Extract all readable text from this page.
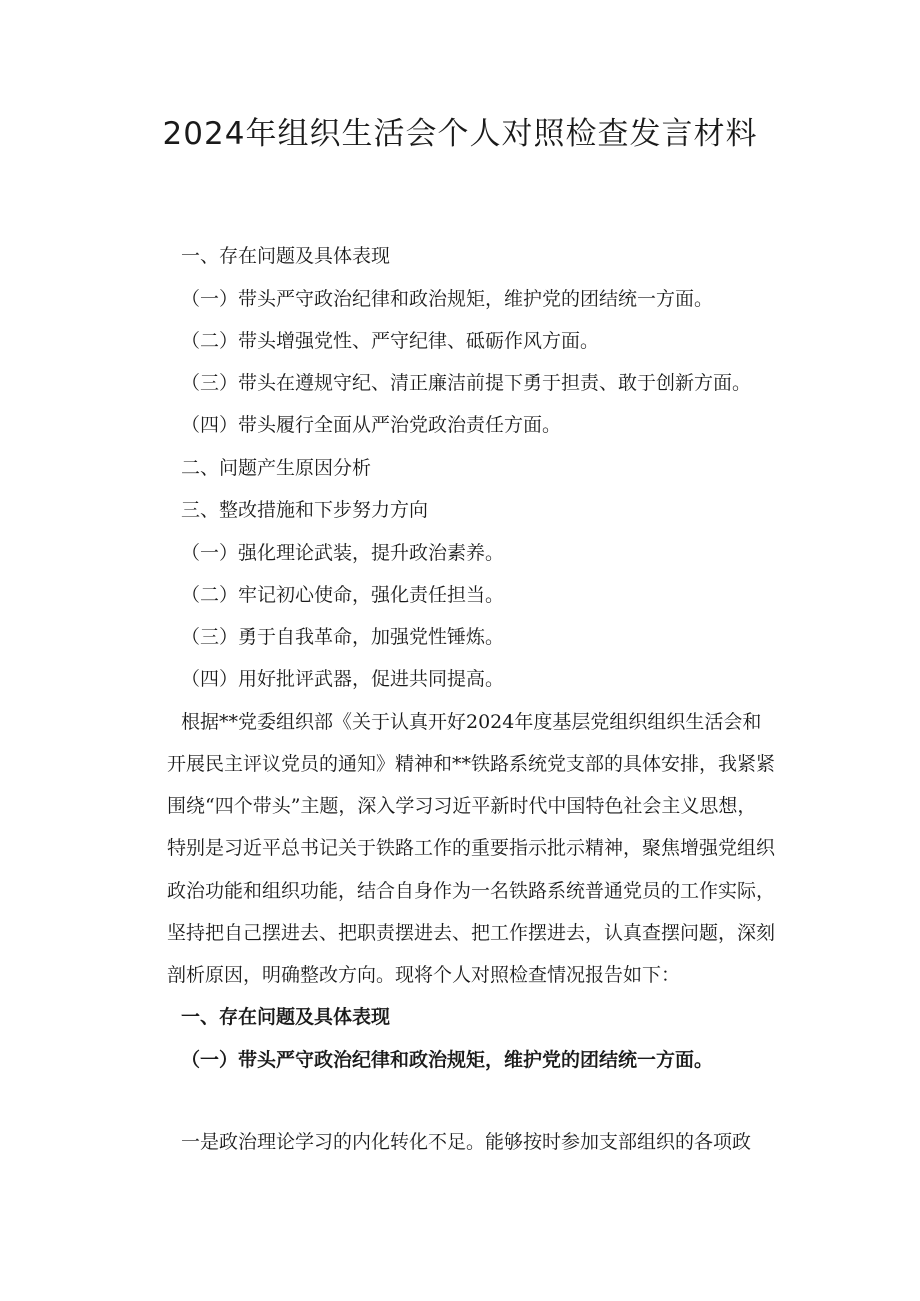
2024年组织生活会个人对照检查发言材料

一、存在问题及具体表现

（一）带头严守政治纪律和政治规矩，维护党的团结统一方面。

（二）带头增强党性、严守纪律、砥砺作风方面。

（三）带头在遵规守纪、清正廉洁前提下勇于担责、敢于创新方面。

（四）带头履行全面从严治党政治责任方面。

二、问题产生原因分析

三、整改措施和下步努力方向

（一）强化理论武装，提升政治素养。

（二）牢记初心使命，强化责任担当。

（三）勇于自我革命，加强党性锤炼。

（四）用好批评武器，促进共同提高。

根据**党委组织部《关于认真开好2024年度基层党组织组织生活会和

开展民主评议党员的通知》精神和**铁路系统党支部的具体安排，我紧紧

围绕“四个带头”主题，深入学习习近平新时代中国特色社会主义思想，

特别是习近平总书记关于铁路工作的重要指示批示精神，聚焦增强党组织

政治功能和组织功能，结合自身作为一名铁路系统普通党员的工作实际，

坚持把自己摆进去、把职责摆进去、把工作摆进去，认真查摆问题，深刻

剖析原因，明确整改方向。现将个人对照检查情况报告如下：

一、存在问题及具体表现

（一）带头严守政治纪律和政治规矩，维护党的团结统一方面。

一是政治理论学习的内化转化不足。能够按时参加支部组织的各项政
